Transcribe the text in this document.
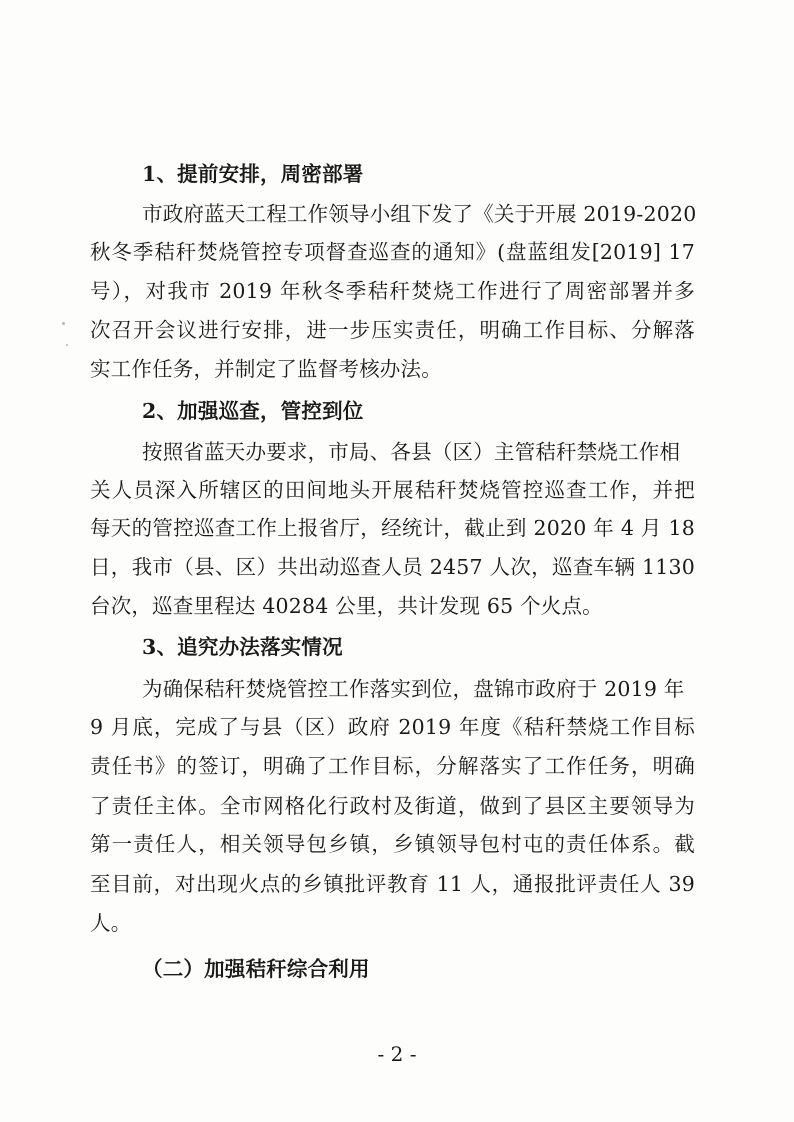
1、提前安排，周密部署
市政府蓝天工程工作领导小组下发了《关于开展 2019-2020
秋冬季秸秆焚烧管控专项督查巡查的通知》(盘蓝组发[2019] 17
号），对我市 2019 年秋冬季秸秆焚烧工作进行了周密部署并多
次召开会议进行安排，进一步压实责任，明确工作目标、分解落
实工作任务，并制定了监督考核办法。
2、加强巡查，管控到位
按照省蓝天办要求，市局、各县（区）主管秸秆禁烧工作相
关人员深入所辖区的田间地头开展秸秆焚烧管控巡查工作，并把
每天的管控巡查工作上报省厅，经统计，截止到 2020 年 4 月 18
日，我市（县、区）共出动巡查人员 2457 人次，巡查车辆 1130
台次，巡查里程达 40284 公里，共计发现 65 个火点。
3、追究办法落实情况
为确保秸秆焚烧管控工作落实到位，盘锦市政府于 2019 年
9 月底，完成了与县（区）政府 2019 年度《秸秆禁烧工作目标
责任书》的签订，明确了工作目标，分解落实了工作任务，明确
了责任主体。全市网格化行政村及街道，做到了县区主要领导为
第一责任人，相关领导包乡镇，乡镇领导包村屯的责任体系。截
至目前，对出现火点的乡镇批评教育 11 人，通报批评责任人 39
人。
（二）加强秸秆综合利用
- 2 -
